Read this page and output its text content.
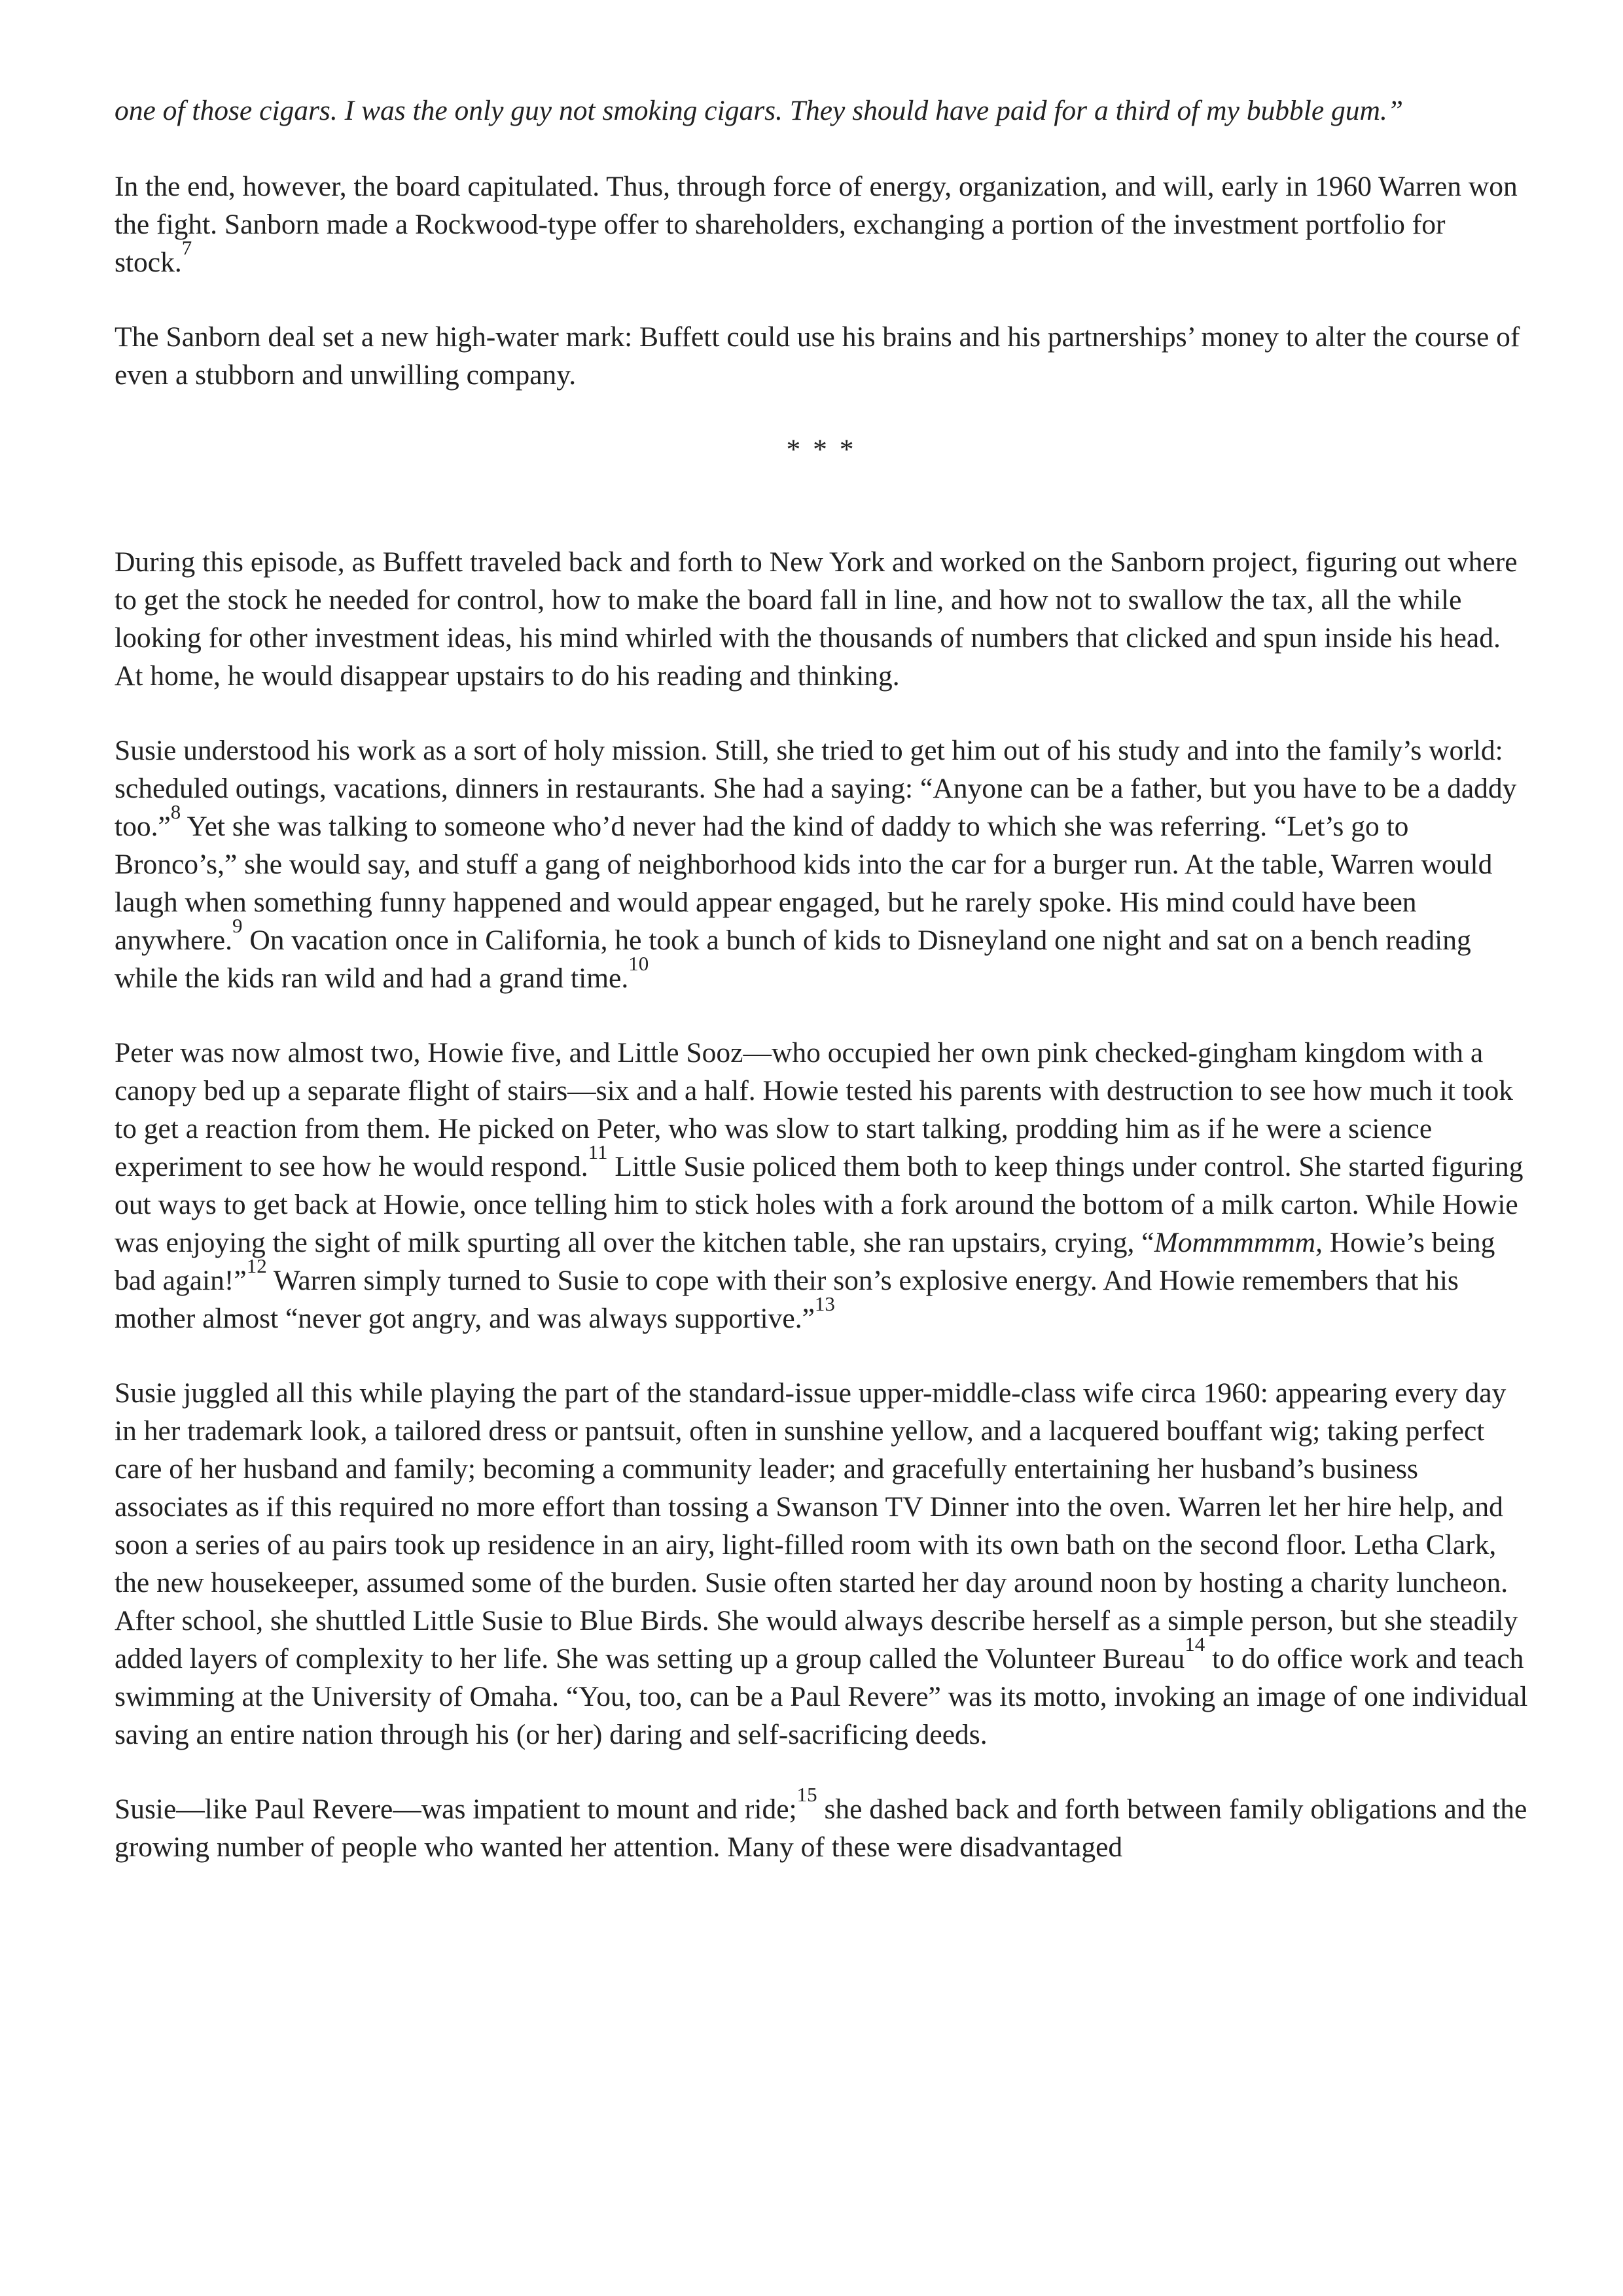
one of those cigars. I was the only guy not smoking cigars. They should have paid for a third of my bubble gum.”

In the end, however, the board capitulated. Thus, through force of energy, organization, and will, early in 1960 Warren won the fight. Sanborn made a Rockwood-type offer to shareholders, exchanging a portion of the investment portfolio for stock.$^7$

The Sanborn deal set a new high-water mark: Buffett could use his brains and his partnerships’ money to alter the course of even a stubborn and unwilling company.

* * *

During this episode, as Buffett traveled back and forth to New York and worked on the Sanborn project, figuring out where to get the stock he needed for control, how to make the board fall in line, and how not to swallow the tax, all the while looking for other investment ideas, his mind whirled with the thousands of numbers that clicked and spun inside his head. At home, he would disappear upstairs to do his reading and thinking.

Susie understood his work as a sort of holy mission. Still, she tried to get him out of his study and into the family’s world: scheduled outings, vacations, dinners in restaurants. She had a saying: “Anyone can be a father, but you have to be a daddy too.”$^8$ Yet she was talking to someone who’d never had the kind of daddy to which she was referring. “Let’s go to Bronco’s,” she would say, and stuff a gang of neighborhood kids into the car for a burger run. At the table, Warren would laugh when something funny happened and would appear engaged, but he rarely spoke. His mind could have been anywhere.$^9$ On vacation once in California, he took a bunch of kids to Disneyland one night and sat on a bench reading while the kids ran wild and had a grand time.$^{10}$

Peter was now almost two, Howie five, and Little Sooz—who occupied her own pink checked-gingham kingdom with a canopy bed up a separate flight of stairs—six and a half. Howie tested his parents with destruction to see how much it took to get a reaction from them. He picked on Peter, who was slow to start talking, prodding him as if he were a science experiment to see how he would respond.$^{11}$ Little Susie policed them both to keep things under control. She started figuring out ways to get back at Howie, once telling him to stick holes with a fork around the bottom of a milk carton. While Howie was enjoying the sight of milk spurting all over the kitchen table, she ran upstairs, crying, “Mommmmmm, Howie’s being bad again!”$^{12}$ Warren simply turned to Susie to cope with their son’s explosive energy. And Howie remembers that his mother almost “never got angry, and was always supportive.”$^{13}$

Susie juggled all this while playing the part of the standard-issue upper-middle-class wife circa 1960: appearing every day in her trademark look, a tailored dress or pantsuit, often in sunshine yellow, and a lacquered bouffant wig; taking perfect care of her husband and family; becoming a community leader; and gracefully entertaining her husband’s business associates as if this required no more effort than tossing a Swanson TV Dinner into the oven. Warren let her hire help, and soon a series of au pairs took up residence in an airy, light-filled room with its own bath on the second floor. Letha Clark, the new housekeeper, assumed some of the burden. Susie often started her day around noon by hosting a charity luncheon. After school, she shuttled Little Susie to Blue Birds. She would always describe herself as a simple person, but she steadily added layers of complexity to her life. She was setting up a group called the Volunteer Bureau$^{14}$ to do office work and teach swimming at the University of Omaha. “You, too, can be a Paul Revere” was its motto, invoking an image of one individual saving an entire nation through his (or her) daring and self-sacrificing deeds.

Susie—like Paul Revere—was impatient to mount and ride;$^{15}$ she dashed back and forth between family obligations and the growing number of people who wanted her attention. Many of these were disadvantaged
